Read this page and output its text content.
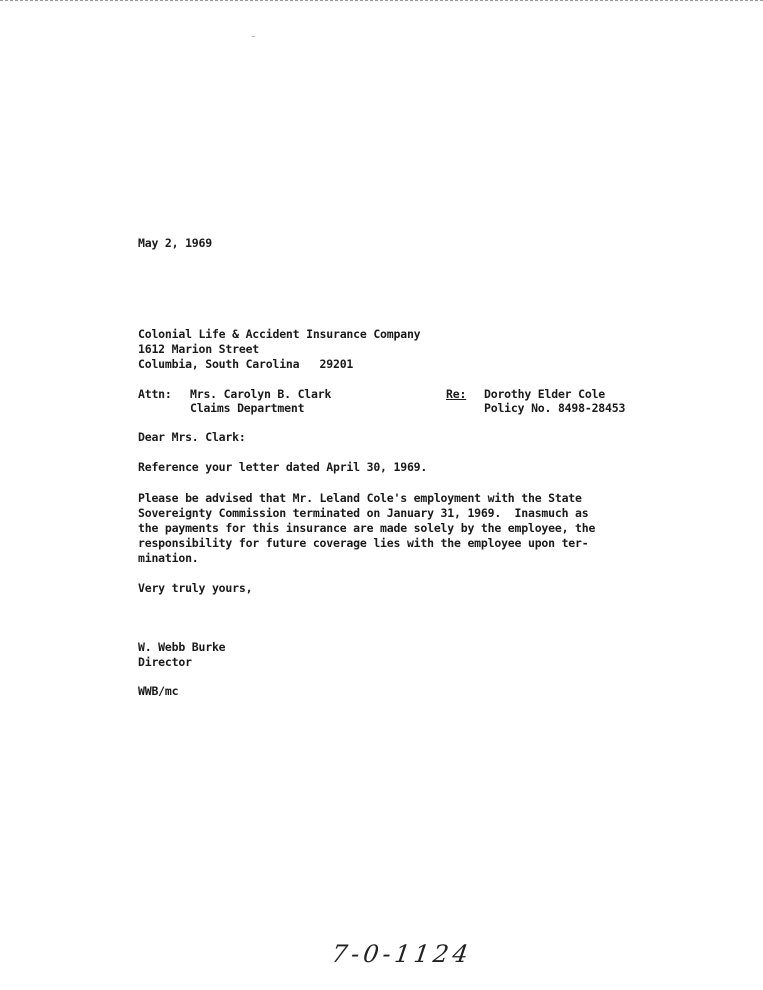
May 2, 1969
Colonial Life & Accident Insurance Company
1612 Marion Street
Columbia, South Carolina   29201
Attn: Mrs. Carolyn B. Clark
Claims Department
Re: Dorothy Elder Cole
Policy No. 8498-28453
Dear Mrs. Clark:
Reference your letter dated April 30, 1969.
Please be advised that Mr. Leland Cole's employment with the State
Sovereignty Commission terminated on January 31, 1969.  Inasmuch as
the payments for this insurance are made solely by the employee, the
responsibility for future coverage lies with the employee upon ter-
mination.
Very truly yours,
W. Webb Burke
Director
WWB/mc
7-0-1124
